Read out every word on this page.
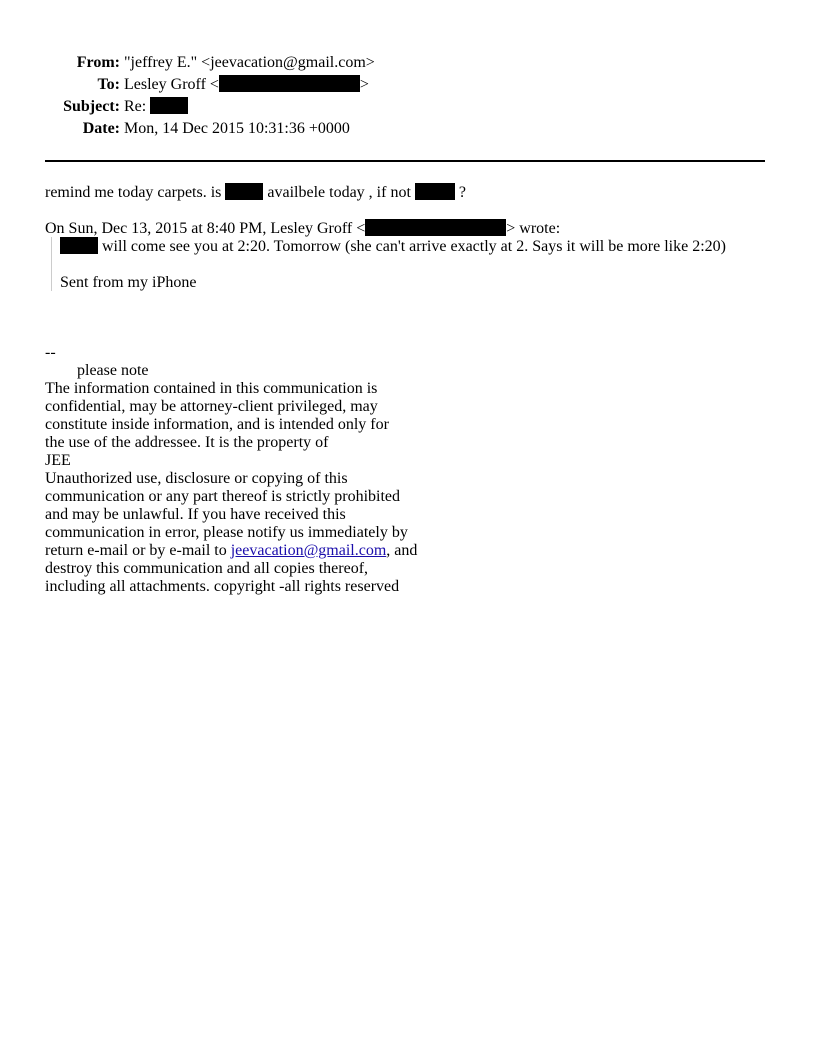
From: "jeffrey E." <jeevacation@gmail.com>
To: Lesley Groff <	>
Subject: Re:
Date: Mon, 14 Dec 2015 10:31:36 +0000
remind me today carpets. is	availbele today , if not	?
On Sun, Dec 13, 2015 at 8:40 PM, Lesley Groff <	> wrote:
will come see you at 2:20. Tomorrow (she can't arrive exactly at 2. Says it will be more like 2:20)
Sent from my iPhone
--
please note
The information contained in this communication is
confidential, may be attorney-client privileged, may
constitute inside information, and is intended only for
the use of the addressee. It is the property of
JEE
Unauthorized use, disclosure or copying of this
communication or any part thereof is strictly prohibited
and may be unlawful. If you have received this
communication in error, please notify us immediately by
return e-mail or by e-mail to jeevacation@gmail.com, and
destroy this communication and all copies thereof,
including all attachments. copyright -all rights reserved
